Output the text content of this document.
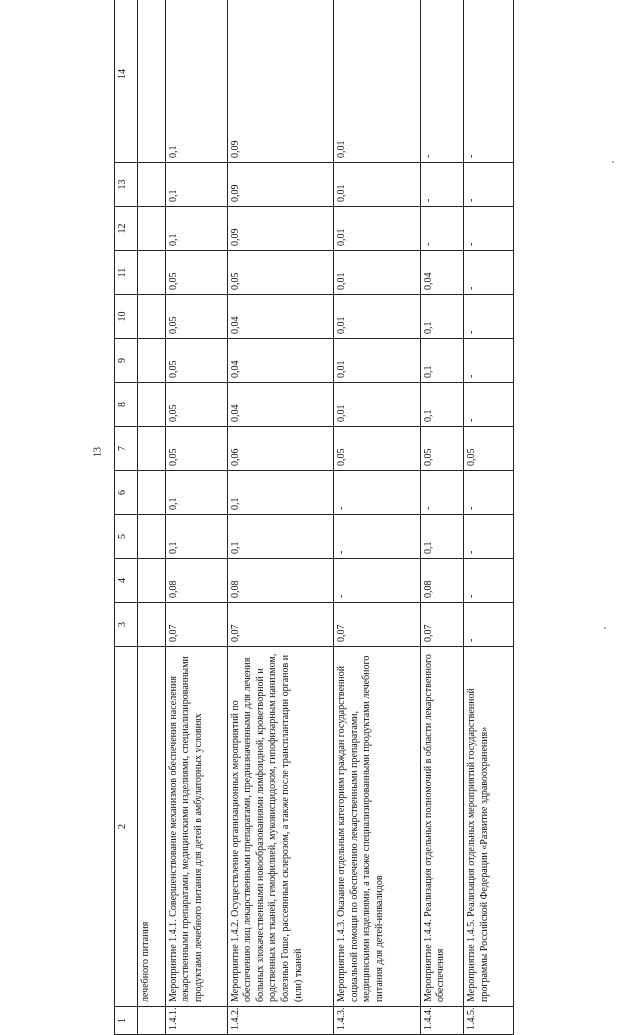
13
1	2	3	4	5	6	7	8	9	10	11	12	13	14
	лечебного питания												
1.4.1.	Мероприятие 1.4.1. Совершенствование механизмов обеспечения населения лекарственными препаратами, медицинскими изделиями, специализированными продуктами лечебного питания для детей в амбулаторных условиях	0,07	0,08	0,1	0,1	0,05	0,05	0,05	0,05	0,05	0,1	0,1	0,1
1.4.2.	Мероприятие 1.4.2. Осуществление организационных мероприятий по обеспечению лиц лекарственными препаратами, предназначенными для лечения больных злокачественными новообразованиями лимфоидной, кроветворной и родственных им тканей, гемофилией, муковисцидозом, гипофизарным нанизмом, болезнью Гоше, рассеянным склерозом, а также после трансплантации органов и (или) тканей	0,07	0,08	0,1	0,1	0,06	0,04	0,04	0,04	0,05	0,09	0,09	0,09
1.4.3.	Мероприятие 1.4.3. Оказание отдельным категориям граждан государственной социальной помощи по обеспечению лекарственными препаратами, медицинскими изделиями, а также специализированными продуктами лечебного питания для детей-инвалидов	0,07	-	-	-	0,05	0,01	0,01	0,01	0,01	0,01	0,01	0,01
1.4.4.	Мероприятие 1.4.4. Реализация отдельных полномочий в области лекарственного обеспечения	0,07	0,08	0,1	-	0,05	0,1	0,1	0,1	0,04	-	-	-
1.4.5.	Мероприятие 1.4.5. Реализация отдельных мероприятий государственной программы Российской Федерации «Развитие здравоохранения»	-	-	-	-	0,05	-	-	-	-	-	-	-
